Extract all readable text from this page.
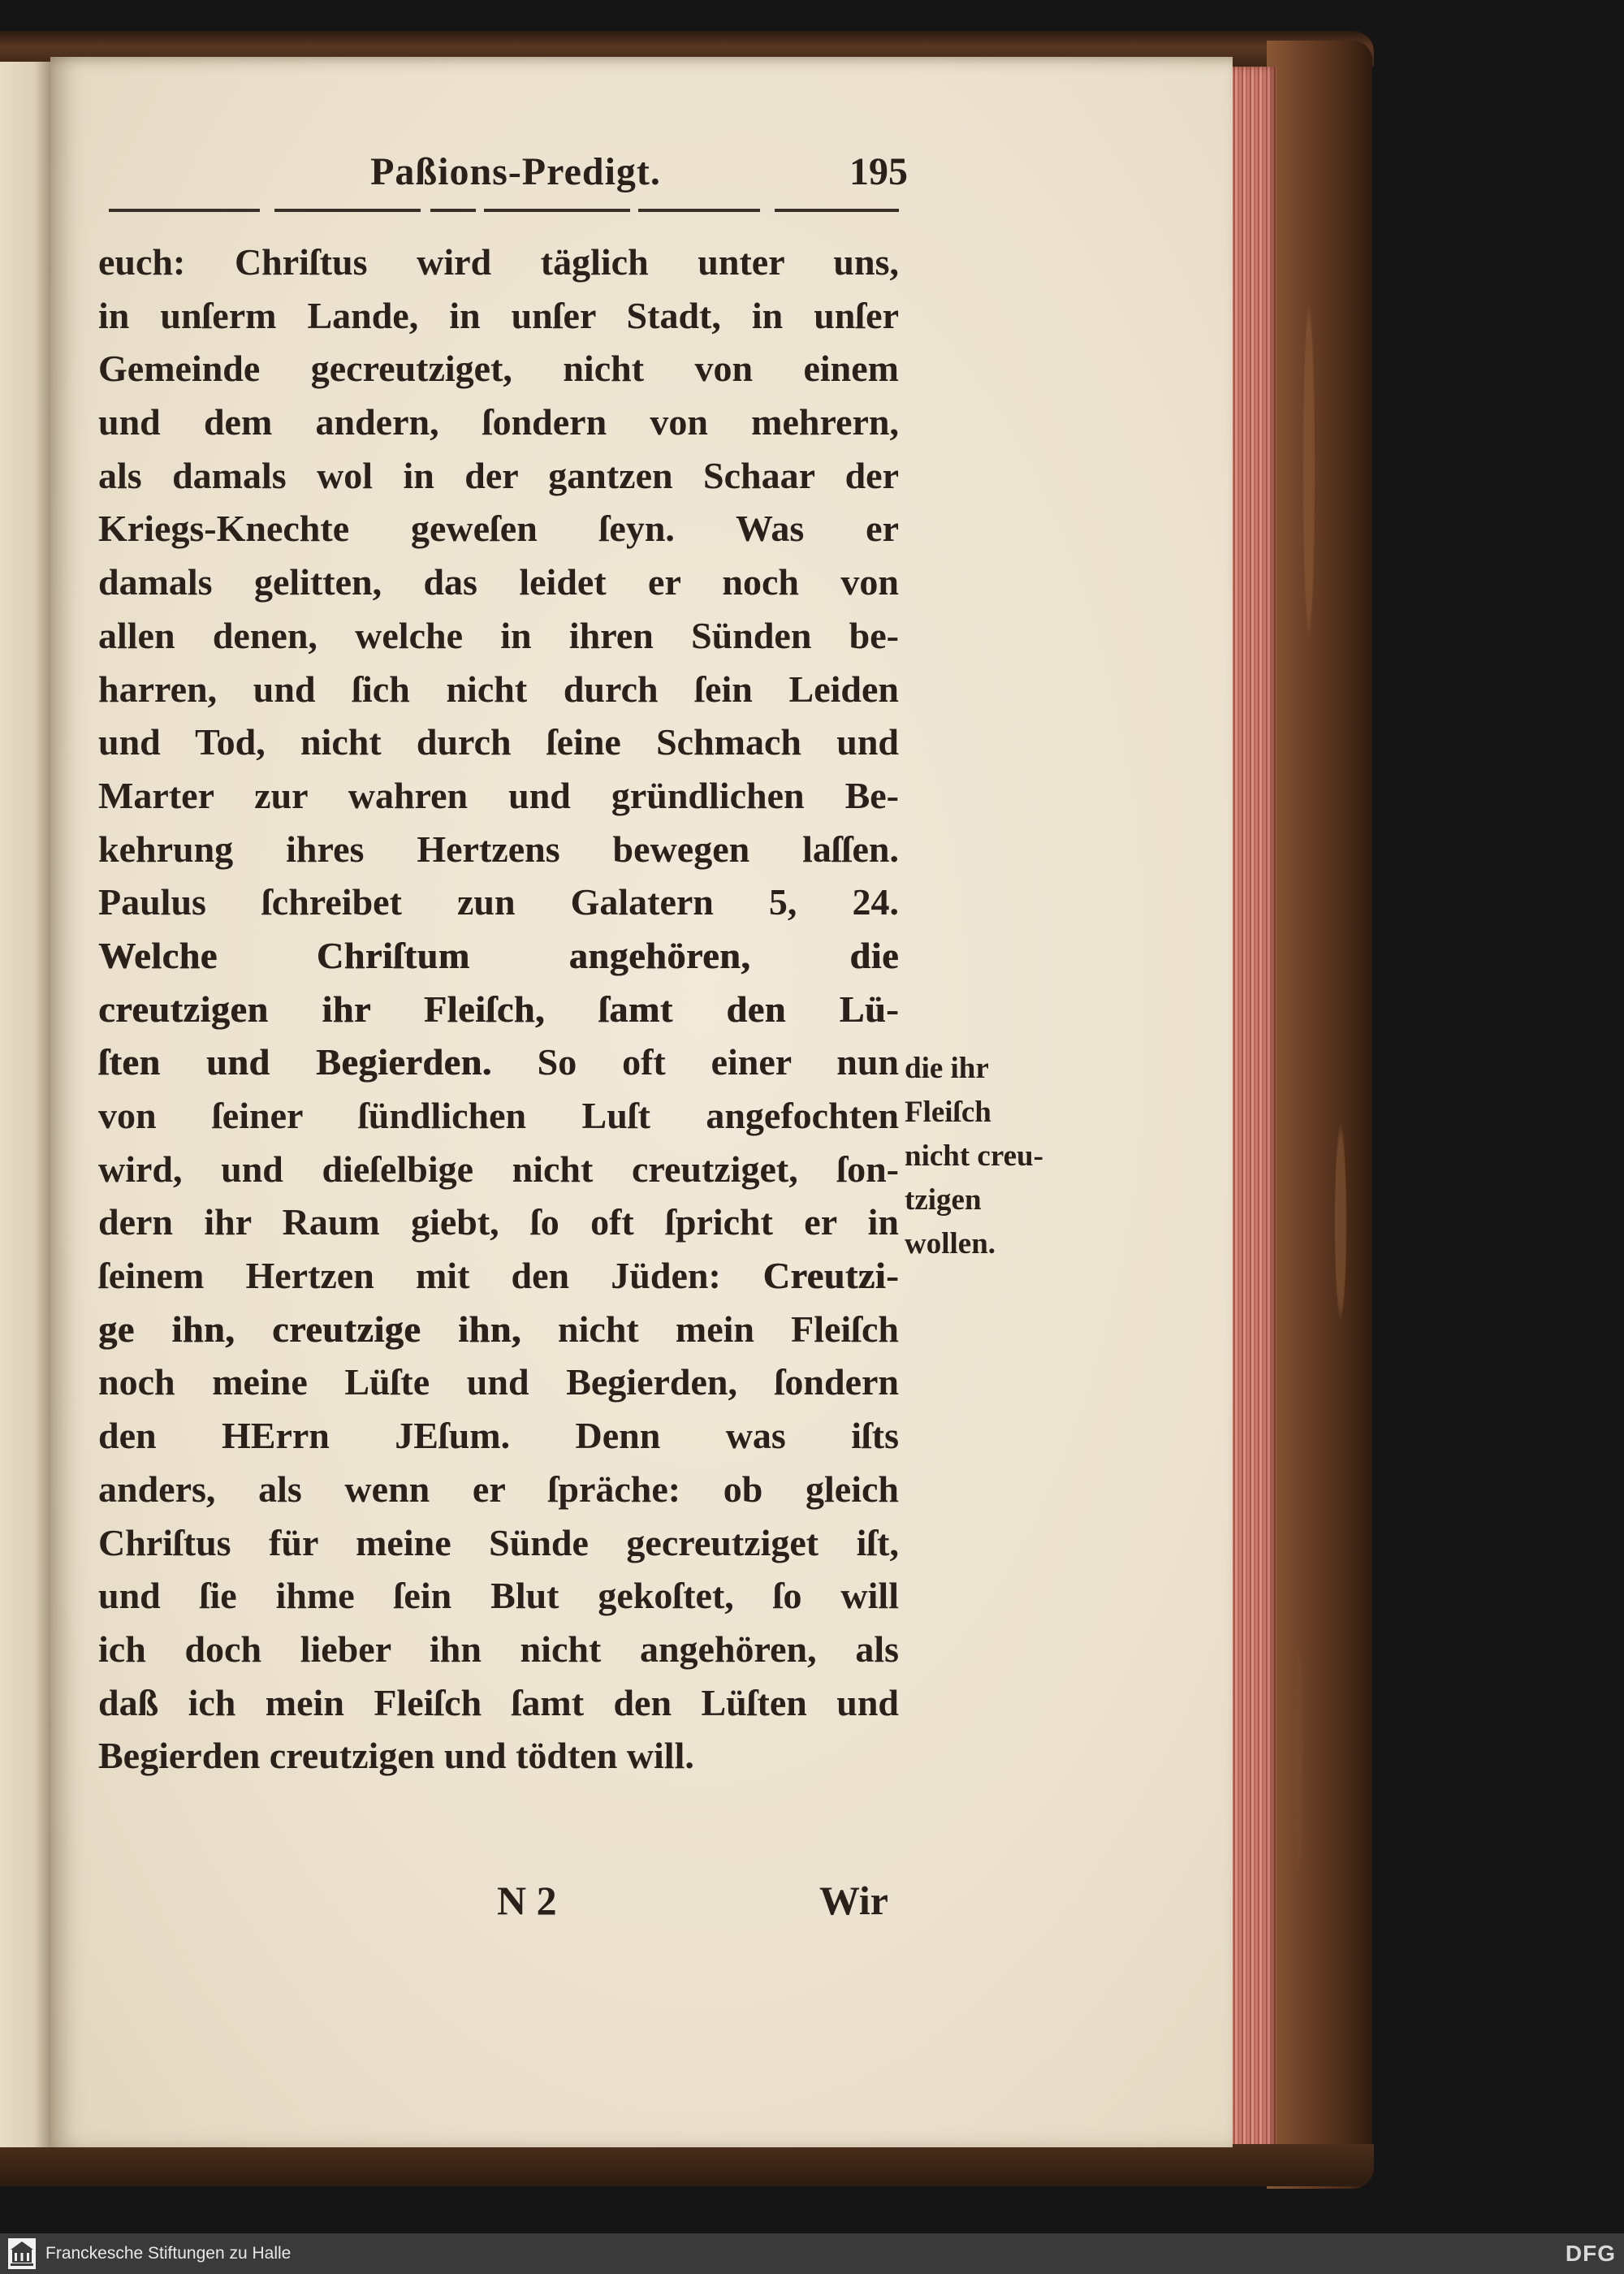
Paßions-Predigt.	195
euch: Chriſtus wird täglich unter uns,
in unſerm Lande, in unſer Stadt, in unſer
Gemeinde gecreutziget, nicht von einem
und dem andern, ſondern von mehrern,
als damals wol in der gantzen Schaar der
Kriegs-Knechte geweſen ſeyn. Was er
damals gelitten, das leidet er noch von
allen denen, welche in ihren Sünden be-
harren, und ſich nicht durch ſein Leiden
und Tod, nicht durch ſeine Schmach und
Marter zur wahren und gründlichen Be-
kehrung ihres Hertzens bewegen laſſen.
Paulus ſchreibet zun Galatern 5, 24.
Welche Chriſtum angehören, die
creutzigen ihr Fleiſch, ſamt den Lü-
ſten und Begierden. So oft einer nun
von ſeiner ſündlichen Luſt angefochten
wird, und dieſelbige nicht creutziget, ſon-
dern ihr Raum giebt, ſo oft ſpricht er in
ſeinem Hertzen mit den Jüden: Creutzi-
ge ihn, creutzige ihn, nicht mein Fleiſch
noch meine Lüſte und Begierden, ſondern
den HErrn JEſum. Denn was iſts
anders, als wenn er ſpräche: ob gleich
Chriſtus für meine Sünde gecreutziget iſt,
und ſie ihme ſein Blut gekoſtet, ſo will
ich doch lieber ihn nicht angehören, als
daß ich mein Fleiſch ſamt den Lüſten und
Begierden creutzigen und tödten will.
die ihr
Fleiſch
nicht creu-
tzigen
wollen.
N 2	Wir
Franckesche Stiftungen zu Halle	DFG
